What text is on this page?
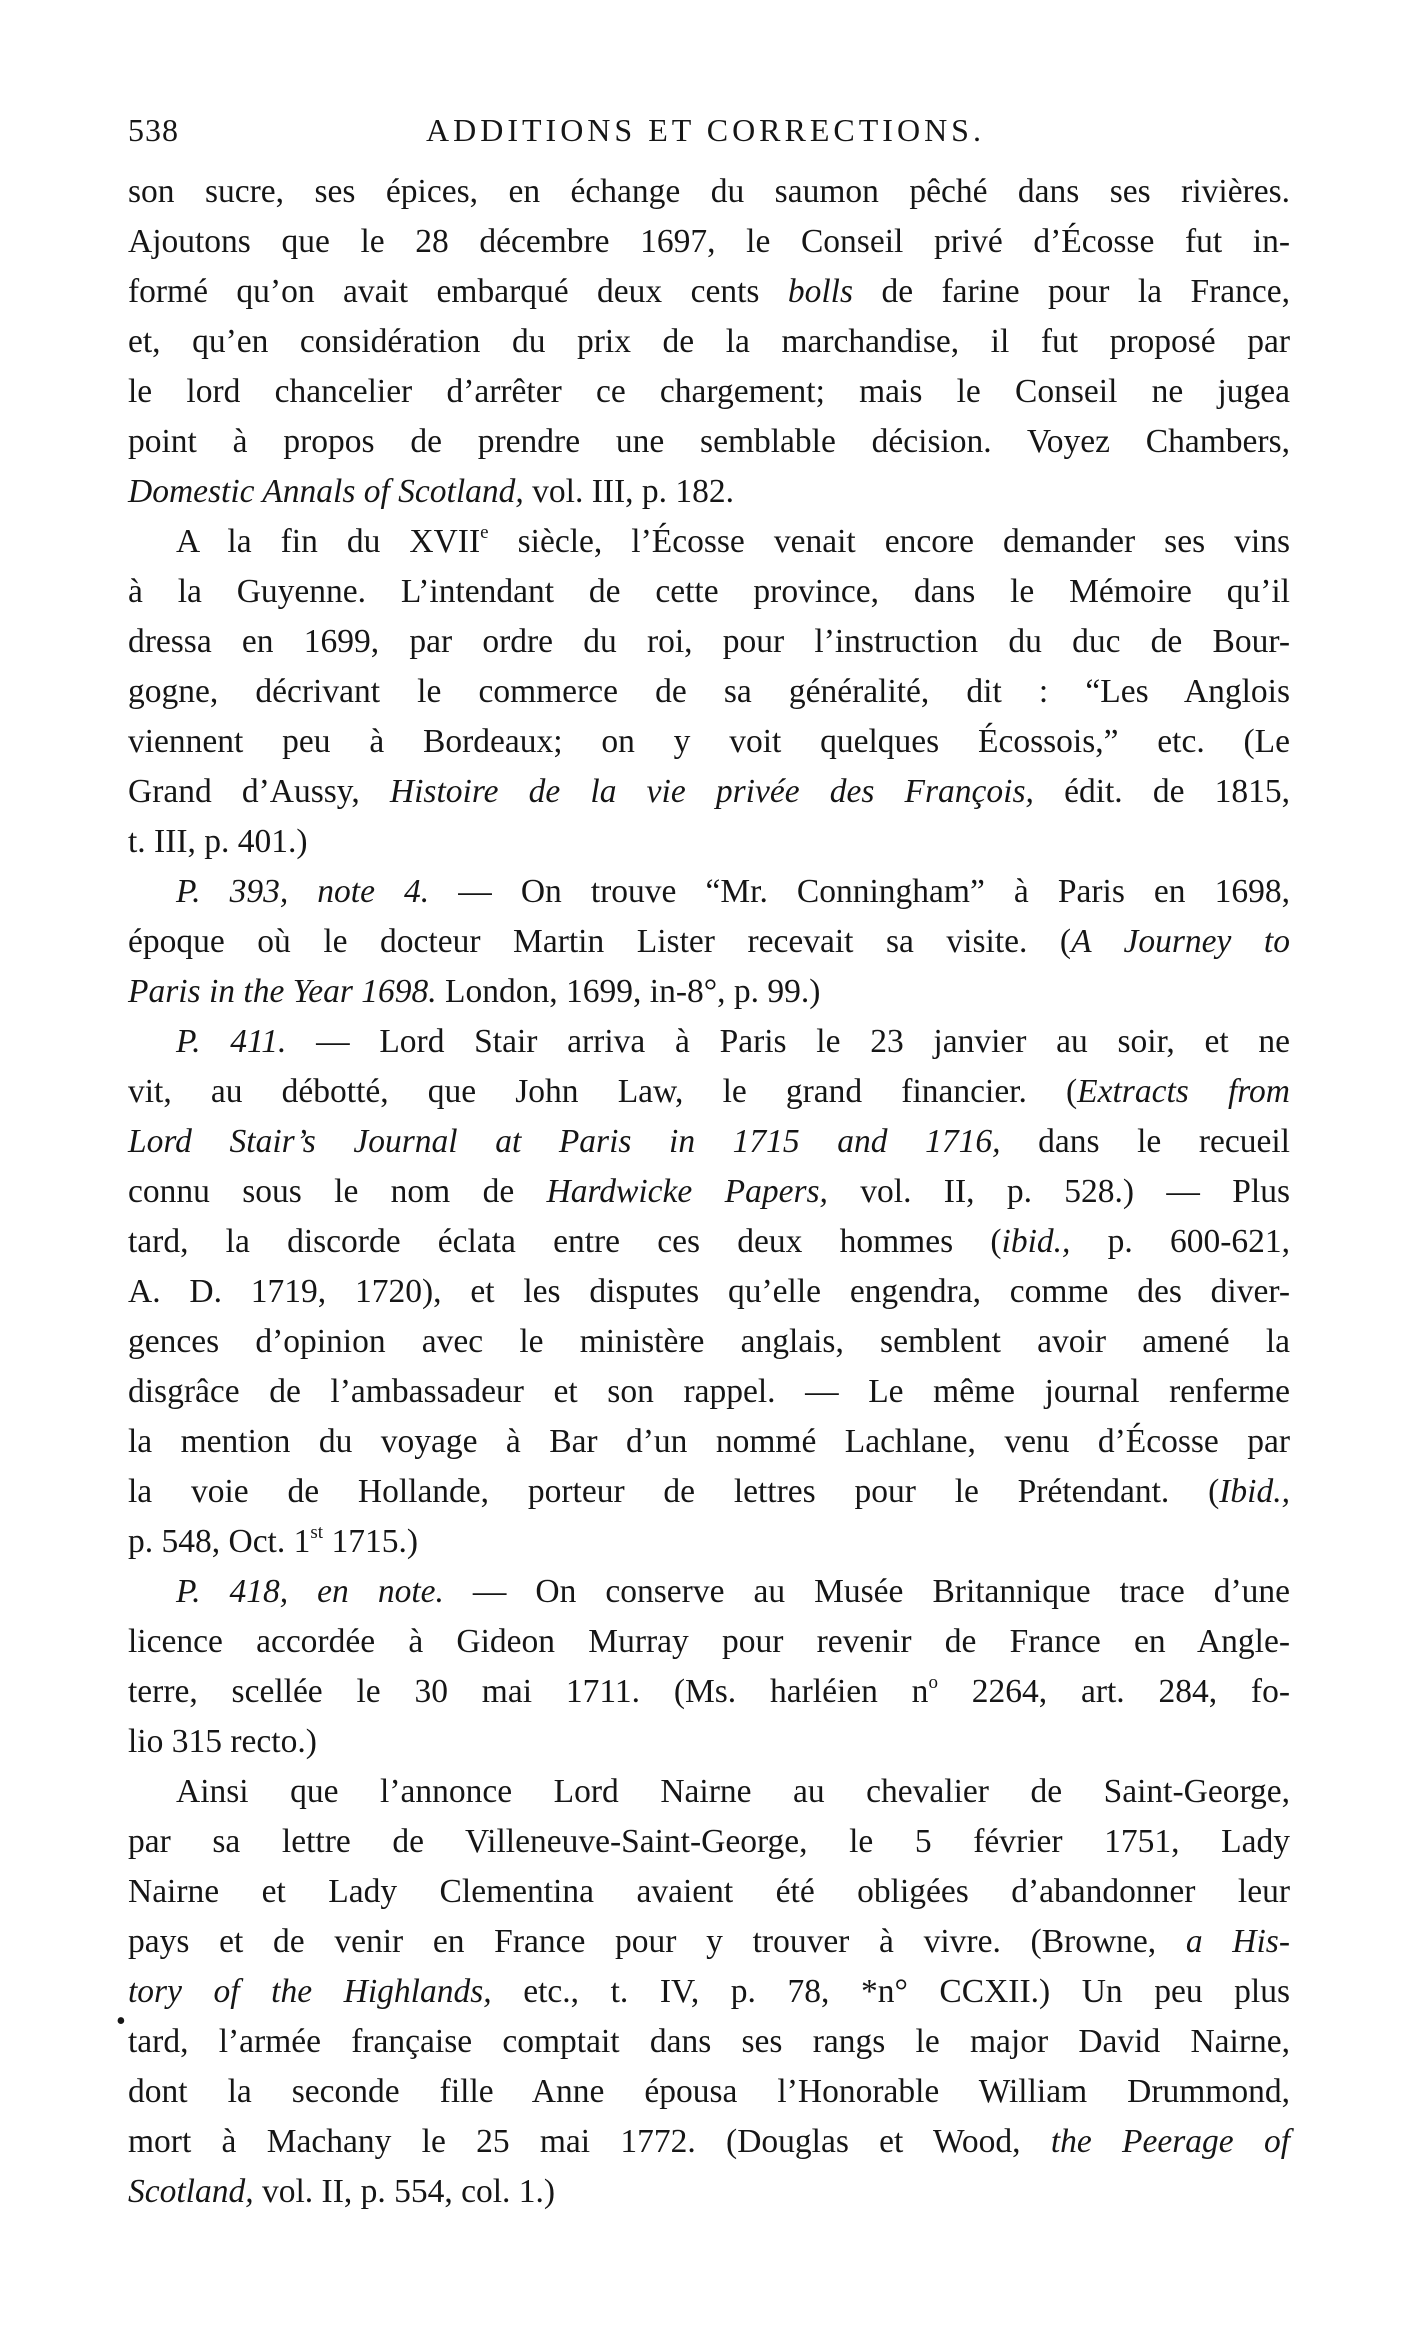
538	ADDITIONS ET CORRECTIONS.
•
son sucre, ses épices, en échange du saumon pêché dans ses rivières.
Ajoutons que le 28 décembre 1697, le Conseil privé d’Écosse fut in-
formé qu’on avait embarqué deux cents bolls de farine pour la France,
et, qu’en considération du prix de la marchandise, il fut proposé par
le lord chancelier d’arrêter ce chargement; mais le Conseil ne jugea
point à propos de prendre une semblable décision. Voyez Chambers,
Domestic Annals of Scotland, vol. III, p. 182.
A la fin du XVIIe siècle, l’Écosse venait encore demander ses vins
à la Guyenne. L’intendant de cette province, dans le Mémoire qu’il
dressa en 1699, par ordre du roi, pour l’instruction du duc de Bour-
gogne, décrivant le commerce de sa généralité, dit : “Les Anglois
viennent peu à Bordeaux; on y voit quelques Écossois,” etc. (Le
Grand d’Aussy, Histoire de la vie privée des François, édit. de 1815,
t. III, p. 401.)
P. 393, note 4. — On trouve “Mr. Conningham” à Paris en 1698,
époque où le docteur Martin Lister recevait sa visite. (A Journey to
Paris in the Year 1698. London, 1699, in-8°, p. 99.)
P. 411. — Lord Stair arriva à Paris le 23 janvier au soir, et ne
vit, au débotté, que John Law, le grand financier. (Extracts from
Lord Stair’s Journal at Paris in 1715 and 1716, dans le recueil
connu sous le nom de Hardwicke Papers, vol. II, p. 528.) — Plus
tard, la discorde éclata entre ces deux hommes (ibid., p. 600-621,
A. D. 1719, 1720), et les disputes qu’elle engendra, comme des diver-
gences d’opinion avec le ministère anglais, semblent avoir amené la
disgrâce de l’ambassadeur et son rappel. — Le même journal renferme
la mention du voyage à Bar d’un nommé Lachlane, venu d’Écosse par
la voie de Hollande, porteur de lettres pour le Prétendant. (Ibid.,
p. 548, Oct. 1st 1715.)
P. 418, en note. — On conserve au Musée Britannique trace d’une
licence accordée à Gideon Murray pour revenir de France en Angle-
terre, scellée le 30 mai 1711. (Ms. harléien $n^o$ 2264, art. 284, fo-
lio 315 recto.)
Ainsi que l’annonce Lord Nairne au chevalier de Saint-George,
par sa lettre de Villeneuve-Saint-George, le 5 février 1751, Lady
Nairne et Lady Clementina avaient été obligées d’abandonner leur
pays et de venir en France pour y trouver à vivre. (Browne, a His-
tory of the Highlands, etc., t. IV, p. 78, *n° CCXII.) Un peu plus
tard, l’armée française comptait dans ses rangs le major David Nairne,
dont la seconde fille Anne épousa l’Honorable William Drummond,
mort à Machany le 25 mai 1772. (Douglas et Wood, the Peerage of
Scotland, vol. II, p. 554, col. 1.)
